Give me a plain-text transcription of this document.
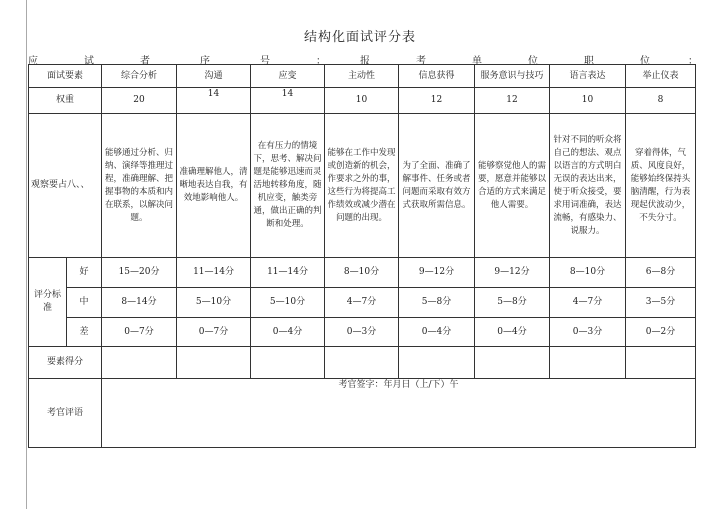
结构化面试评分表
应	试	者	序	号	：	报	考	单	位	职	位	：
面试要素		综合分析	沟通	应变	主动性	信息获得	服务意识与技巧	语言表达	举止仪表
权重		20	14	14	10	12	12	10	8
观察要占八、、		能够通过分析、归纳、演绎等推理过程，准确理解、把握事物的本质和内在联系，以解决问题。	准确理解他人，清晰地表达自我，有效地影响他人。	在有压力的情境下，思考、解决问题是能够迅速而灵活地转移角度，随机应变，触类旁通，做出正确的判断和处理。	能够在工作中发现或创造新的机会，作要求之外的事，这些行为将提高工作绩效或减少潜在问题的出现。	为了全面、准确了解事件、任务或者问题而采取有效方式获取所需信息。	能够察觉他人的需要，愿意并能够以合适的方式来满足他人需要。	针对不同的听众将自己的想法、观点以语言的方式明白无误的表达出来，使于听众接受，要求用词准确，表达流畅，有感染力、说服力。	穿着得体，气质、风度良好，能够始终保持头脑清醒，行为表现起伏波动少，不失分寸。
评分标准	好	15—20分	11—14分	11—14分	8—10分	9—12分	9—12分	8—10分	6—8分
	中	8—14分	5—10分	5—10分	4—7分	5—8分	5—8分	4—7分	3—5分
	差	0—7分	0—7分	0—4分	0—3分	0—4分	0—4分	0—3分	0—2分
要素得分									
考官评语		考官签字：年月日（上/下）午							
